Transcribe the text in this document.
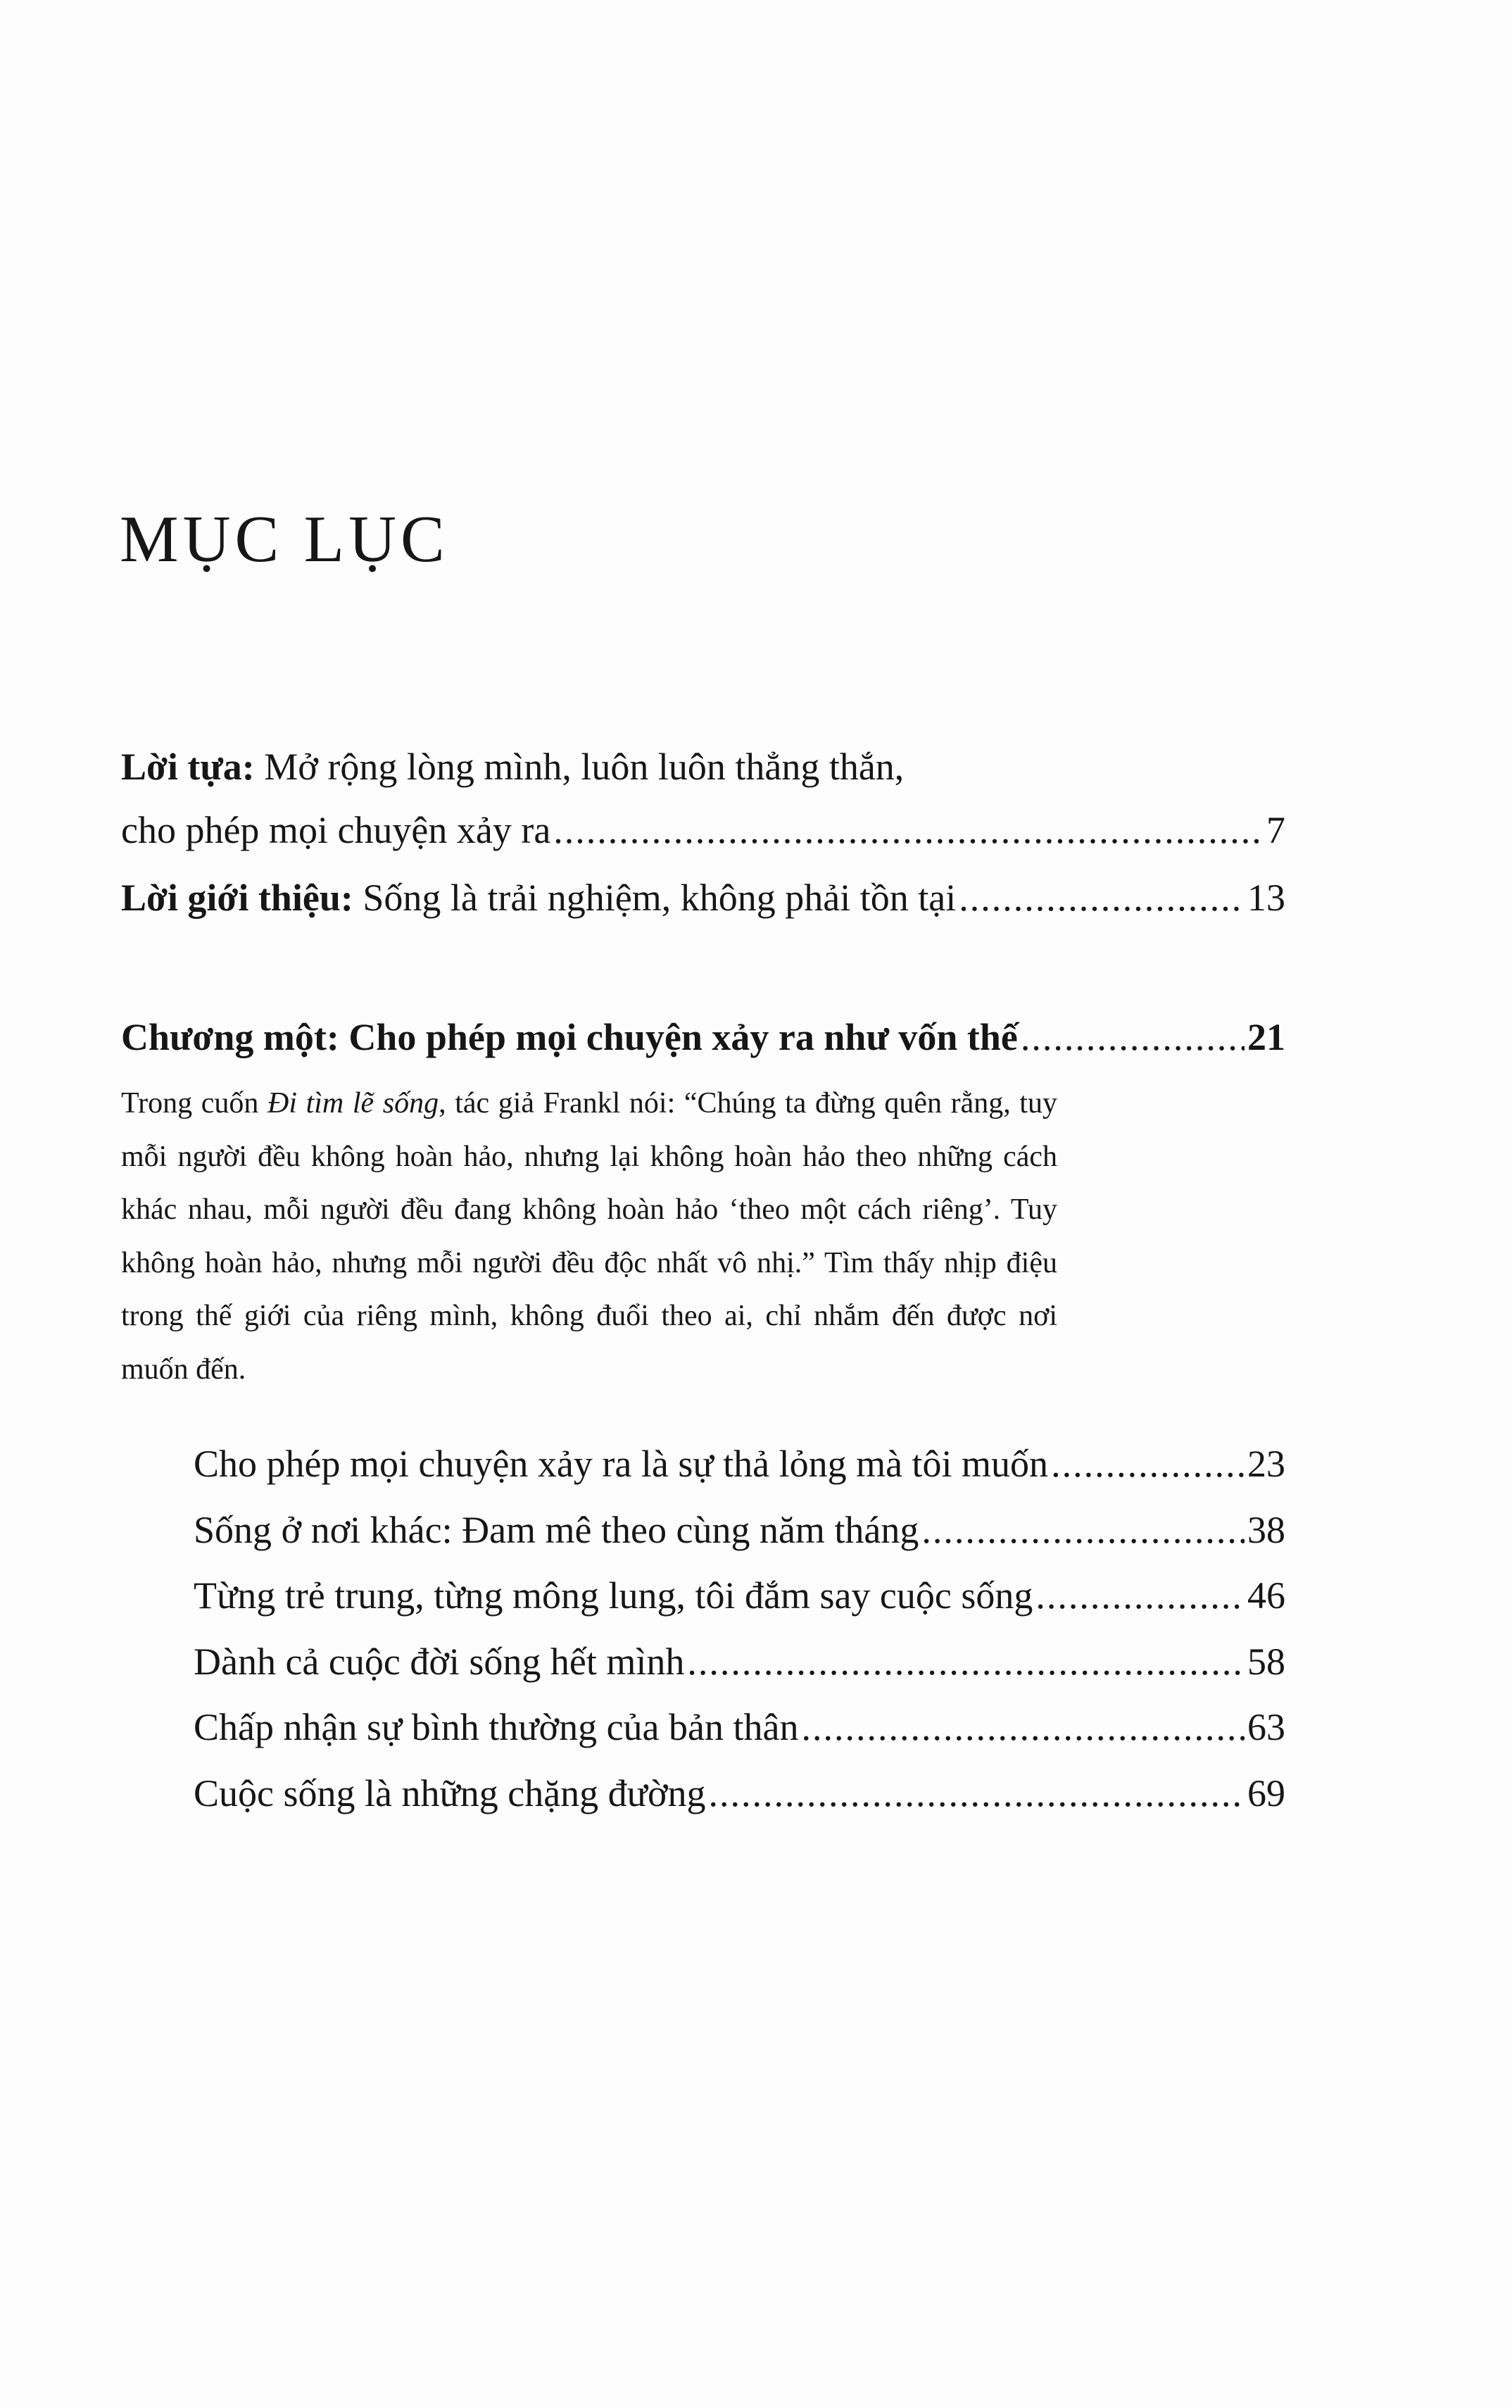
MỤC LỤC
Lời tựa: Mở rộng lòng mình, luôn luôn thẳng thắn,
cho phép mọi chuyện xảy ra .....	7
Lời giới thiệu: Sống là trải nghiệm, không phải tồn tại .....	13
Chương một: Cho phép mọi chuyện xảy ra như vốn thế .....	21
Trong cuốn Đi tìm lẽ sống, tác giả Frankl nói: “Chúng ta đừng quên rằng, tuy mỗi người đều không hoàn hảo, nhưng lại không hoàn hảo theo những cách khác nhau, mỗi người đều đang không hoàn hảo ‘theo một cách riêng’. Tuy không hoàn hảo, nhưng mỗi người đều độc nhất vô nhị.” Tìm thấy nhịp điệu trong thế giới của riêng mình, không đuổi theo ai, chỉ nhắm đến được nơi muốn đến.
Cho phép mọi chuyện xảy ra là sự thả lỏng mà tôi muốn .....	23
Sống ở nơi khác: Đam mê theo cùng năm tháng .....	38
Từng trẻ trung, từng mông lung, tôi đắm say cuộc sống .....	46
Dành cả cuộc đời sống hết mình .....	58
Chấp nhận sự bình thường của bản thân .....	63
Cuộc sống là những chặng đường .....	69
